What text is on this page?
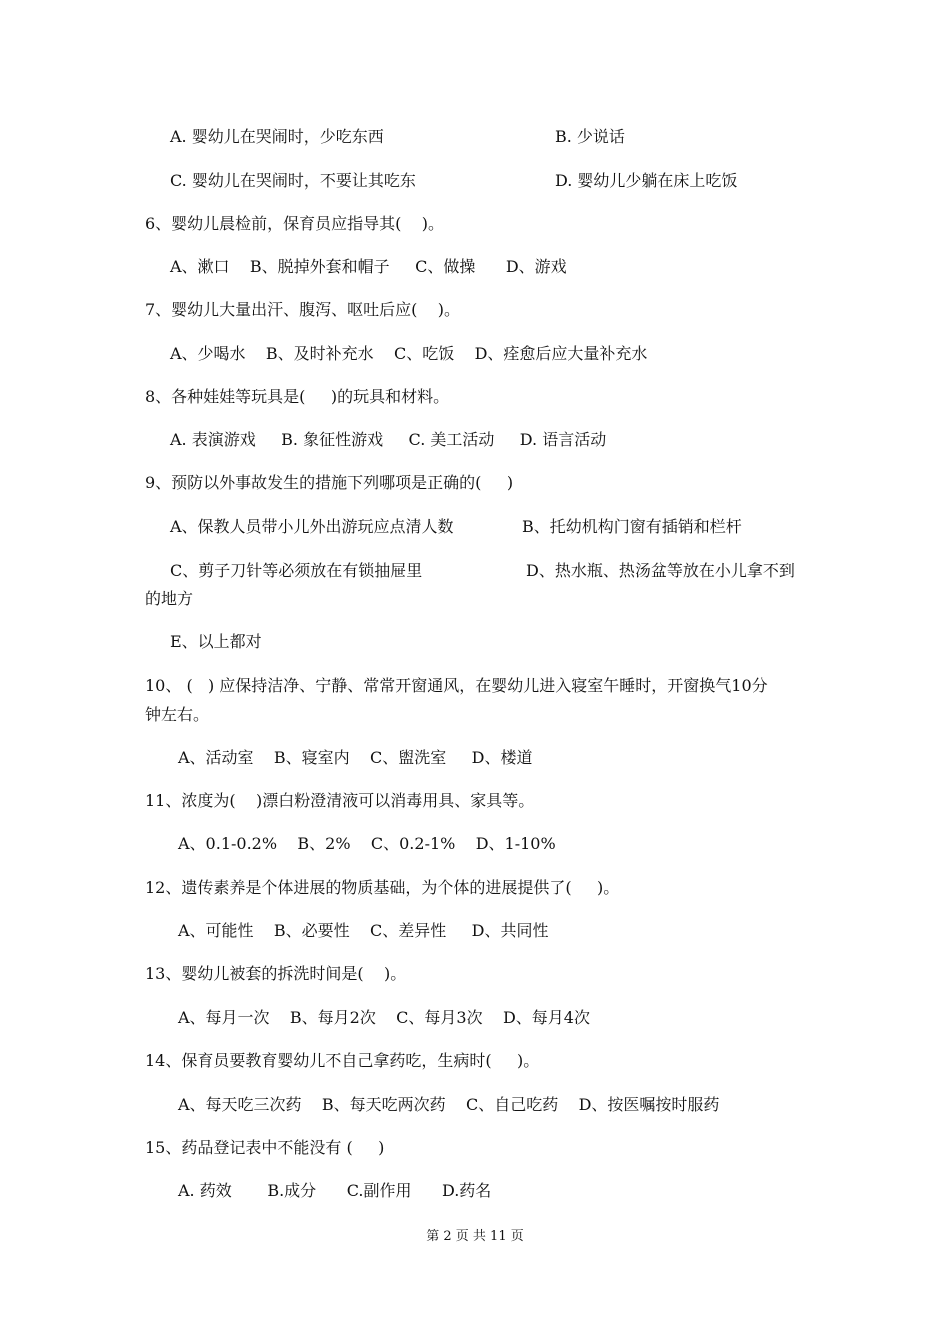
A. 婴幼儿在哭闹时，少吃东西	B. 少说话
C. 婴幼儿在哭闹时，不要让其吃东	D. 婴幼儿少躺在床上吃饭
6、婴幼儿晨检前，保育员应指导其(    )。
A、漱口    B、脱掉外套和帽子     C、做操      D、游戏
7、婴幼儿大量出汗、腹泻、呕吐后应(    )。
A、少喝水    B、及时补充水    C、吃饭    D、痊愈后应大量补充水
8、各种娃娃等玩具是(     )的玩具和材料。
A. 表演游戏     B. 象征性游戏     C. 美工活动     D. 语言活动
9、预防以外事故发生的措施下列哪项是正确的(     )
A、保教人员带小儿外出游玩应点清人数	B、托幼机构门窗有插销和栏杆
C、剪子刀针等必须放在有锁抽屉里	D、热水瓶、热汤盆等放在小儿拿不到
的地方
E、以上都对
10、 (   ) 应保持洁净、宁静、常常开窗通风，在婴幼儿进入寝室午睡时，开窗换气10分
钟左右。
A、活动室    B、寝室内    C、盥洗室     D、楼道
11、浓度为(    )漂白粉澄清液可以消毒用具、家具等。
A、0.1-0.2%    B、2%    C、0.2-1%    D、1-10%
12、遗传素养是个体进展的物质基础，为个体的进展提供了(     )。
A、可能性    B、必要性    C、差异性     D、共同性
13、婴幼儿被套的拆洗时间是(    )。
A、每月一次    B、每月2次    C、每月3次    D、每月4次
14、保育员要教育婴幼儿不自己拿药吃，生病时(     )。
A、每天吃三次药    B、每天吃两次药    C、自己吃药    D、按医嘱按时服药
15、药品登记表中不能没有 (     )
A. 药效       B.成分      C.副作用      D.药名
第 2 页 共 11 页
